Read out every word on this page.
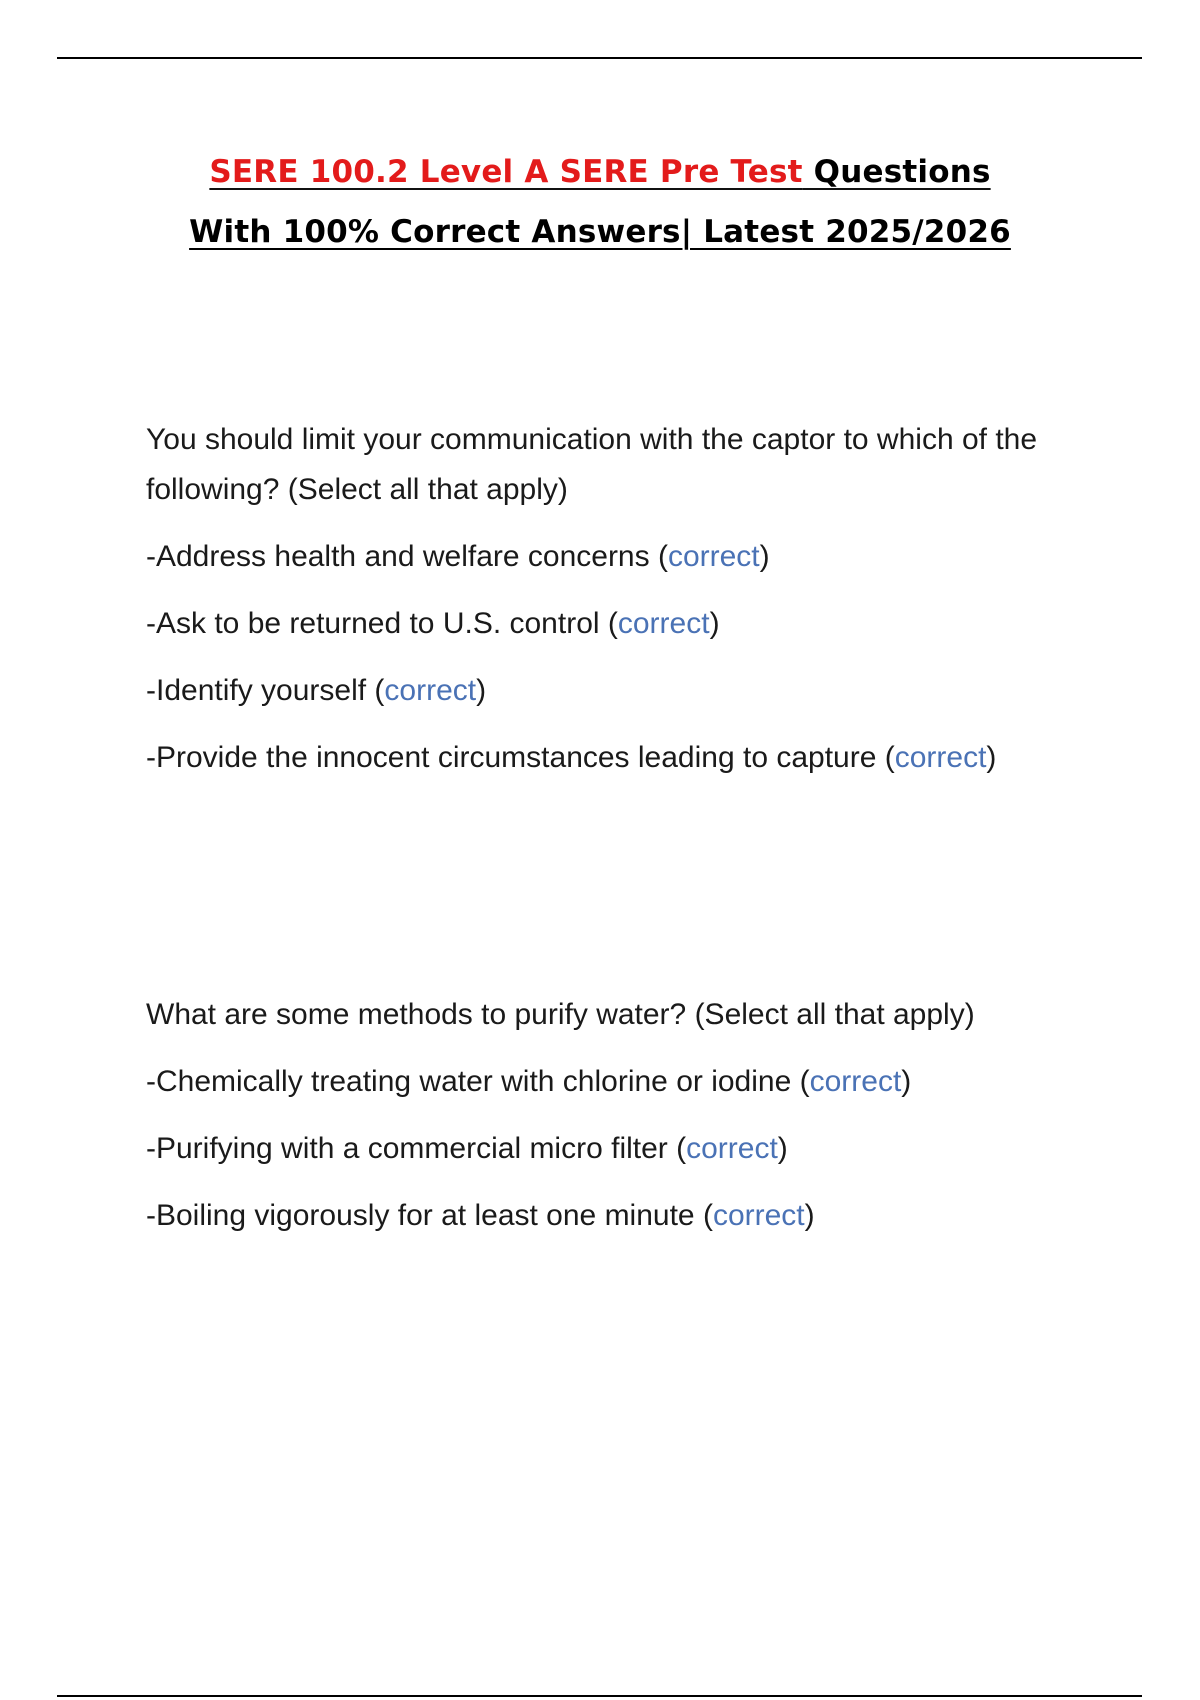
SERE 100.2 Level A SERE Pre Test Questions
With 100% Correct Answers| Latest 2025/2026
You should limit your communication with the captor to which of the following? (Select all that apply)
-Address health and welfare concerns (correct)
-Ask to be returned to U.S. control (correct)
-Identify yourself (correct)
-Provide the innocent circumstances leading to capture (correct)
What are some methods to purify water? (Select all that apply)
-Chemically treating water with chlorine or iodine (correct)
-Purifying with a commercial micro filter (correct)
-Boiling vigorously for at least one minute (correct)
